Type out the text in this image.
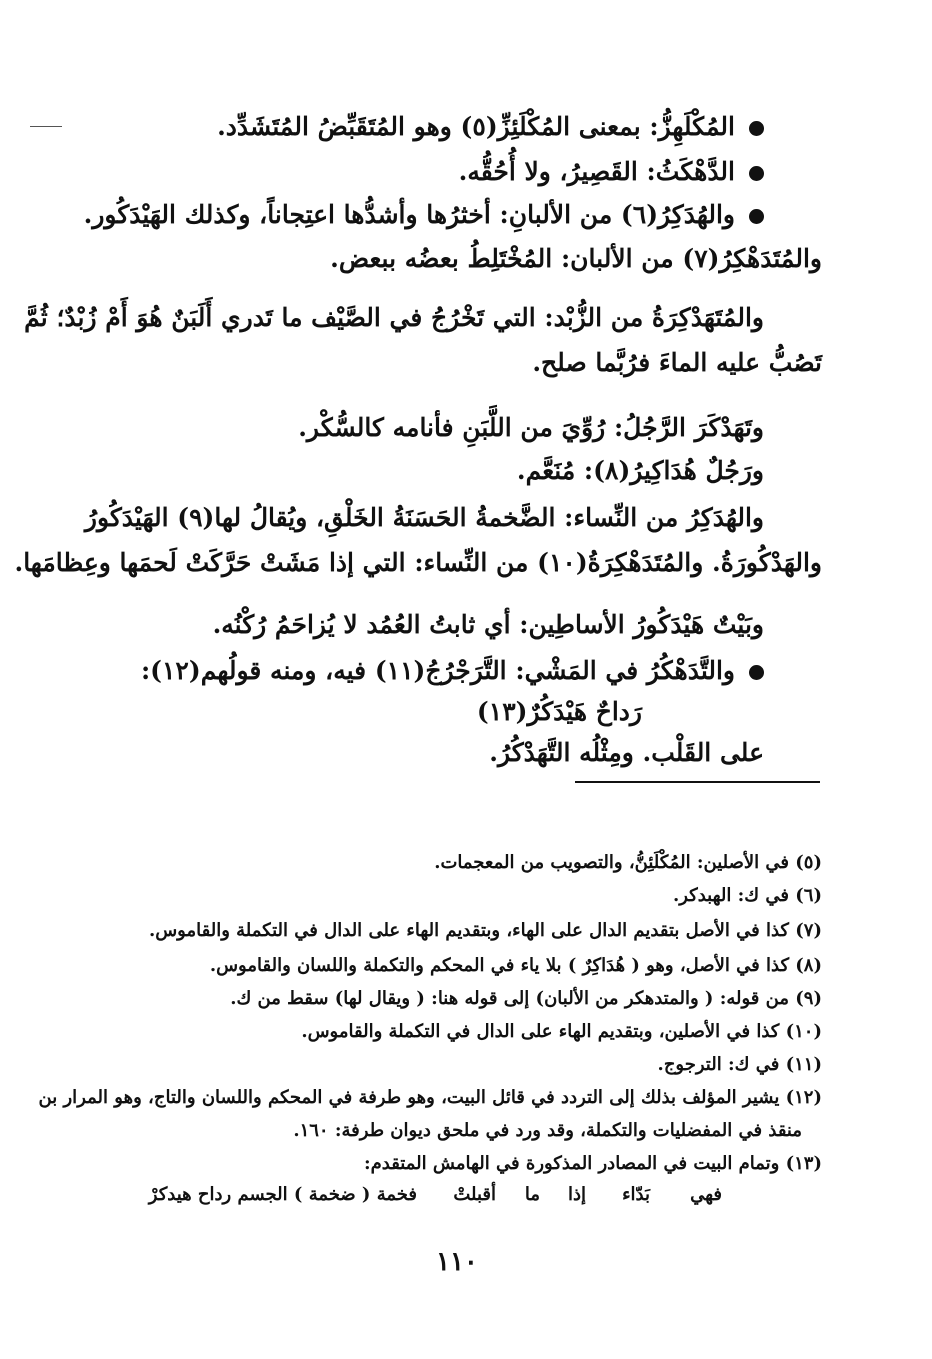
المُكْلَهِزُّ: بمعنى المُكْلَئِزِّ(٥) وهو المُتَقَبِّضُ المُتَشَدِّد.
الدَّهْكَثُ: القَصِيرُ، ولا أُحُقُّه.
والهُدَكِرُ(٦) من الألبانِ: أخثرُها وأشدُّها اعتِجاناً، وكذلك الهَيْدَكُور.
والمُتَدَهْكِرُ(٧) من الألبان: المُخْتَلِطُ بعضُه ببعض.
والمُتَهَدْكِرَةُ من الزُّبْد: التي تَخْرُجُ في الصَّيْف ما تَدري أَلَبَنٌ هُوَ أَمْ زُبْدٌ؛ ثُمَّ
تَصُبُّ عليه الماءَ فرُبَّما صلح.
وتَهَدْكَرَ الرَّجُلُ: رُوِّيَ من اللَّبَنِ فأنامه كالسُّكْر.
ورَجُلٌ هُدَاكِيرُ(٨): مُنَعَّم.
والهُدَكِرُ من النِّساء: الضَّخمةُ الحَسَنَةُ الخَلْقِ، ويُقالُ لها(٩) الهَيْدَكُورُ
والهَدْكُورَةُ. والمُتَدَهْكِرَةُ(١٠) من النِّساء: التي إذا مَشَتْ حَرَّكَتْ لَحمَها وعِظامَها.
وبَيْتٌ هَيْدَكُورُ الأساطِين: أي ثابتُ العُمُد لا يُزاحَمُ رُكْنُه.
والتَّدَهْكُرُ في المَشْي: التَّرَجْرُجُ(١١) فيه، ومنه قولُهم(١٢):
رَداحٌ هَيْدَكُرٌ(١٣)
على القَلْب. ومِثْلُه التَّهَدْكُرُ.
(٥) في الأصلين: المُكْلَئِنُّ، والتصويب من المعجمات.
(٦) في ك: الهبدكر.
(٧) كذا في الأصل بتقديم الدال على الهاء، وبتقديم الهاء على الدال في التكملة والقاموس.
(٨) كذا في الأصل، وهو ( هُدَاكِرٌ ) بلا ياء في المحكم والتكملة واللسان والقاموس.
(٩) من قوله: ( والمتدهكر من الألبان) إلى قوله هنا: ( ويقال لها) سقط من ك.
(١٠) كذا في الأصلين، وبتقديم الهاء على الدال في التكملة والقاموس.
(١١) في ك: الترجوج.
(١٢) يشير المؤلف بذلك إلى التردد في قائل البيت، وهو طرفة في المحكم واللسان والتاج، وهو المرار بن
منقذ في المفضليات والتكملة، وقد ورد في ملحق ديوان طرفة: ١٦٠.
(١٣) وتمام البيت في المصادر المذكورة في الهامش المتقدم:
فهي
بَدّاء
إذا
ما
أقبلتْ
فخمة ( ضخمة ) الجسم رداح هيدكرْ
١١٠
